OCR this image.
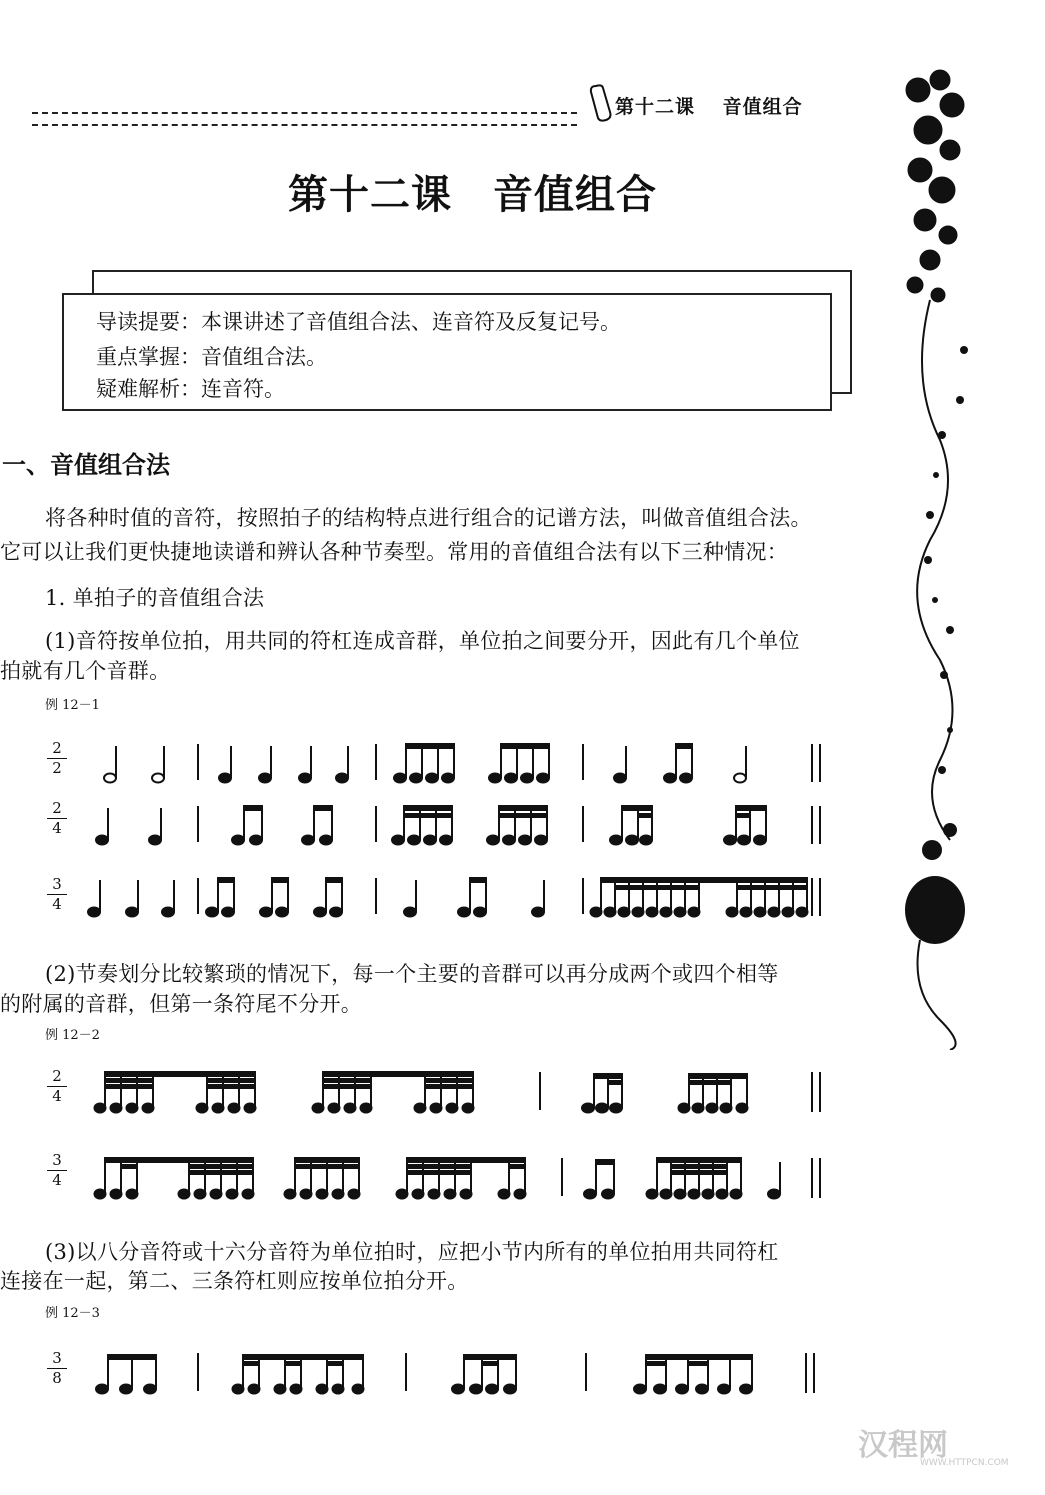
第十二课　 音值组合
第十二课　音值组合
导读提要：本课讲述了音值组合法、连音符及反复记号。
重点掌握：音值组合法。
疑难解析：连音符。
一、音值组合法
将各种时值的音符，按照拍子的结构特点进行组合的记谱方法，叫做音值组合法。
它可以让我们更快捷地读谱和辨认各种节奏型。常用的音值组合法有以下三种情况：
1. 单拍子的音值组合法
(1)音符按单位拍，用共同的符杠连成音群，单位拍之间要分开，因此有几个单位
拍就有几个音群。
例 12－1
$\frac{2}{2}$
$\frac{2}{4}$
$\frac{3}{4}$
(2)节奏划分比较繁琐的情况下，每一个主要的音群可以再分成两个或四个相等
的附属的音群，但第一条符尾不分开。
例 12－2
$\frac{2}{4}$
$\frac{3}{4}$
(3)以八分音符或十六分音符为单位拍时，应把小节内所有的单位拍用共同符杠
连接在一起，第二、三条符杠则应按单位拍分开。
例 12－3
$\frac{3}{8}$
汉程网
WWW.HTTPCN.COM
